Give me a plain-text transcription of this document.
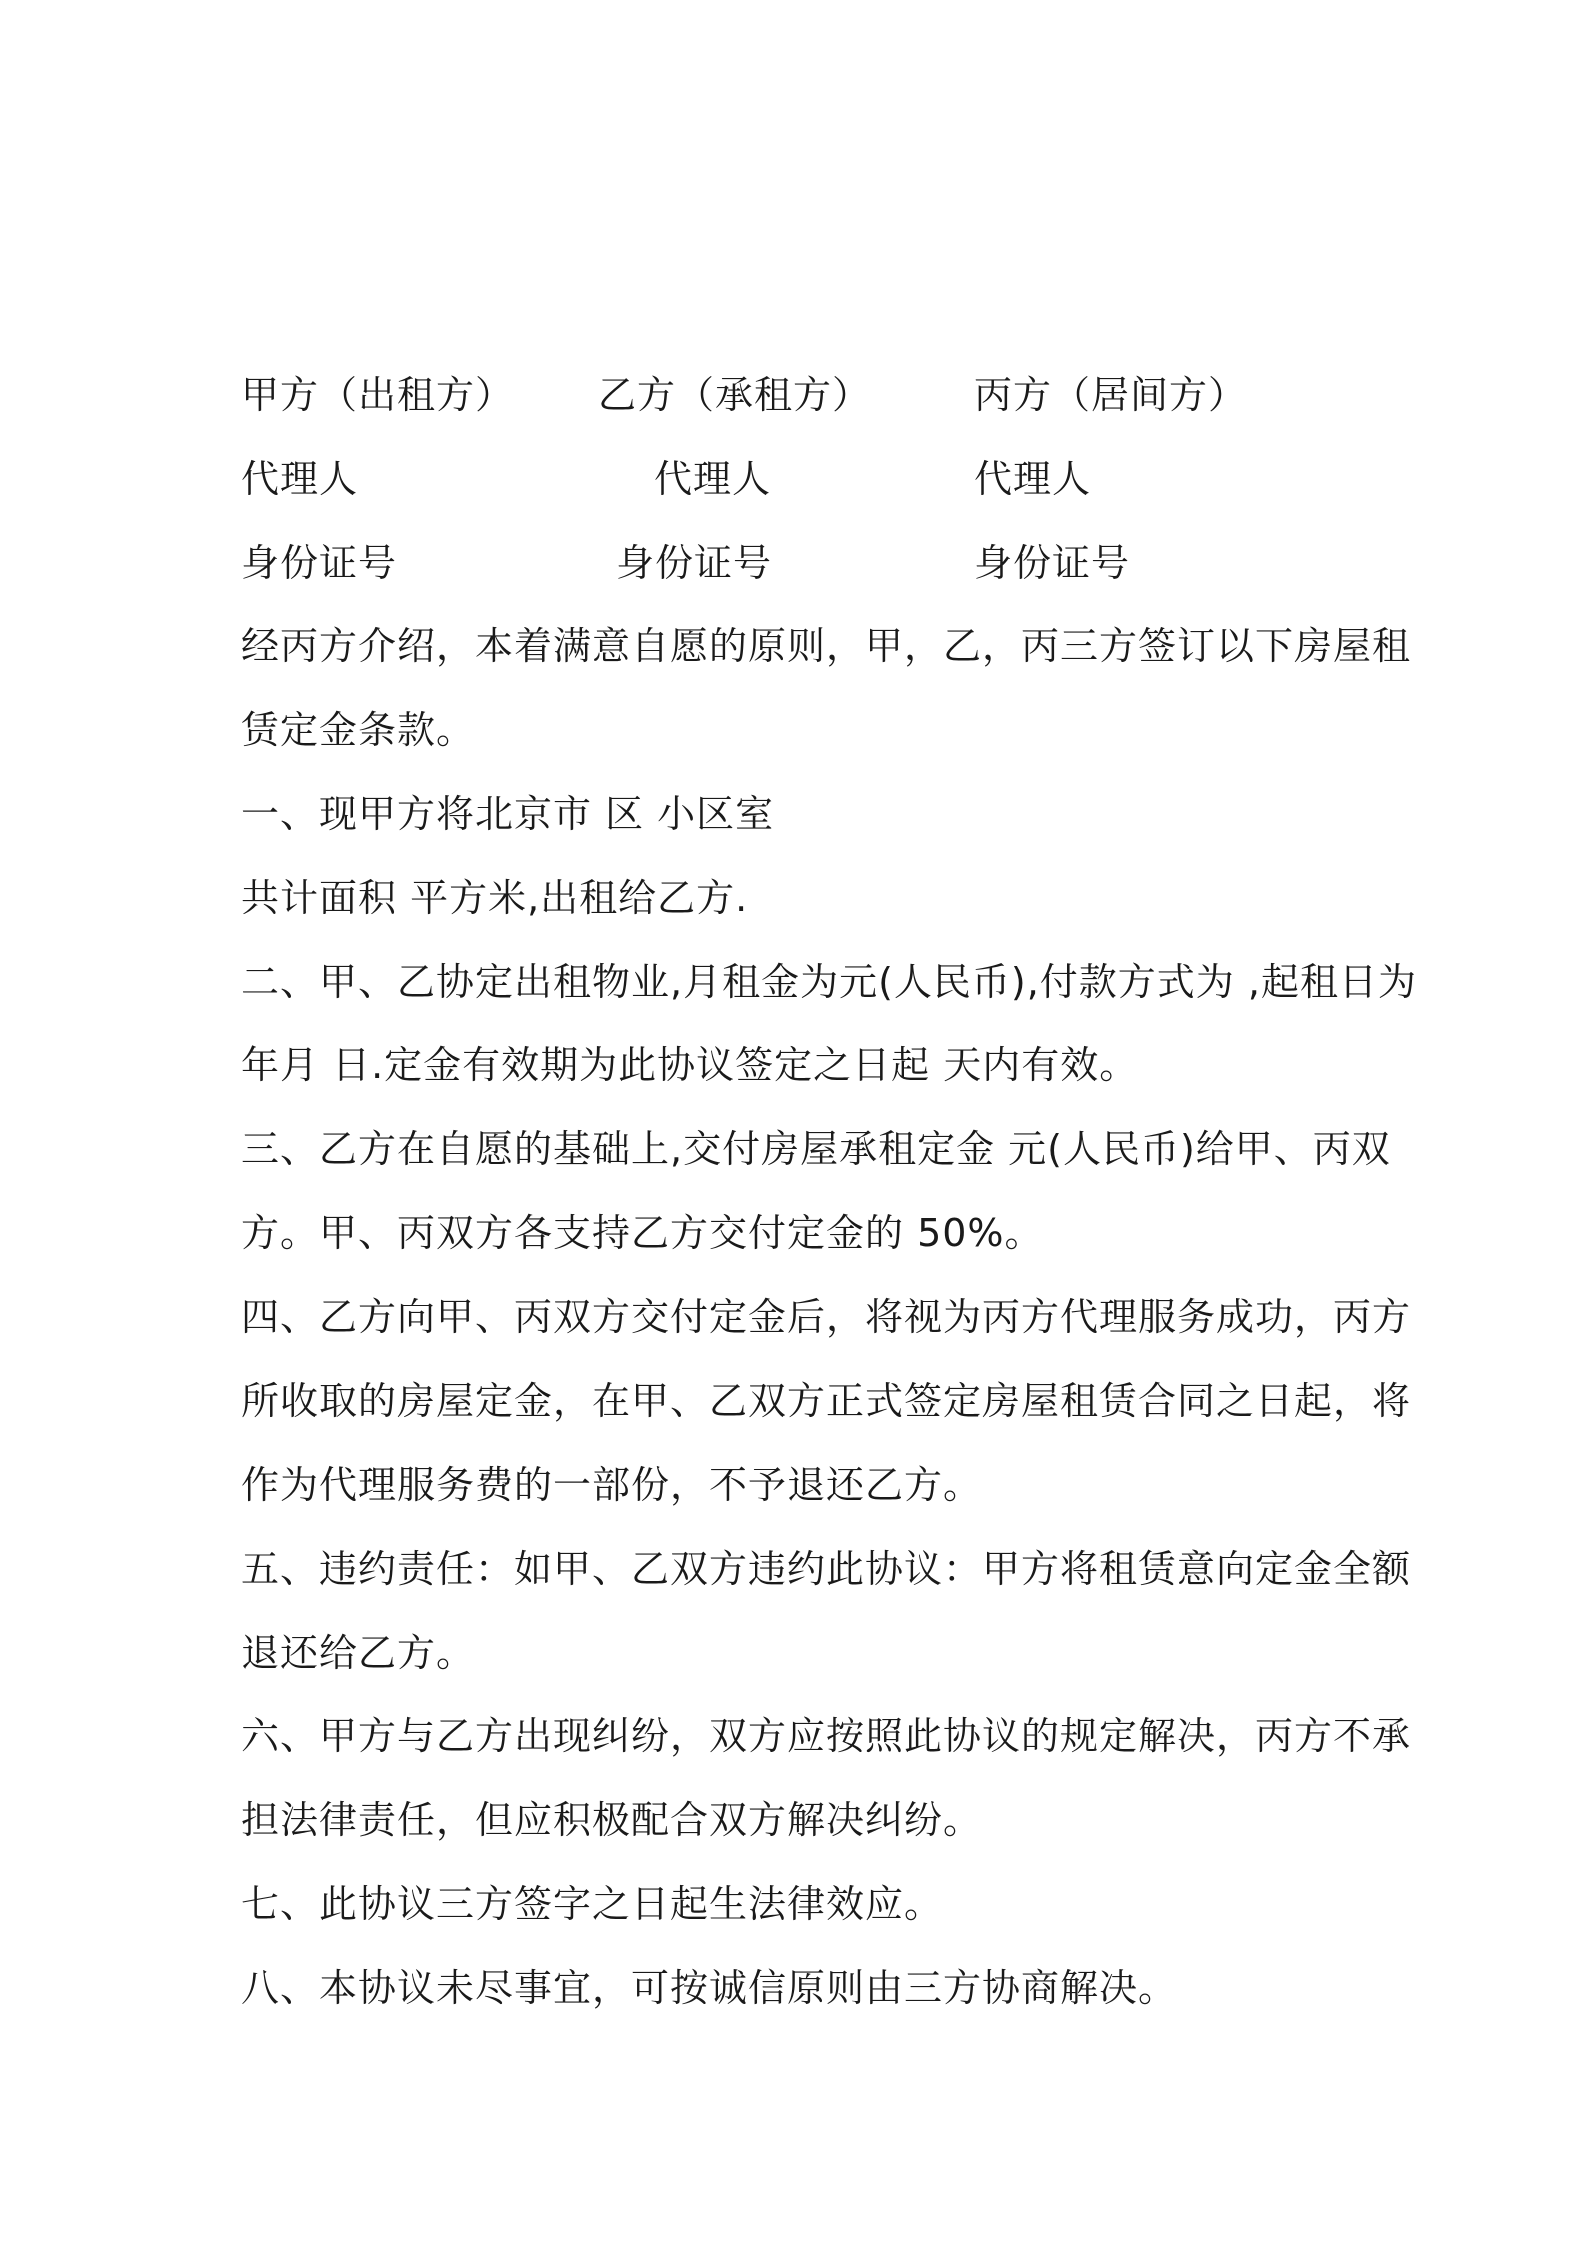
甲方（出租方） 乙方（承租方）	丙方（居间方）
代理人	代理人	代理人
身份证号	身份证号	身份证号
经丙方介绍，本着满意自愿的原则，甲，乙，丙三方签订以下房屋租
赁定金条款。
一、现甲方将北京市 区 小区室
共计面积 平方米,出租给乙方.
二、甲、乙协定出租物业,月租金为元(人民币),付款方式为 ,起租日为
年月 日.定金有效期为此协议签定之日起 天内有效。
三、乙方在自愿的基础上,交付房屋承租定金 元(人民币)给甲、丙双
方。甲、丙双方各支持乙方交付定金的 50%。
四、乙方向甲、丙双方交付定金后，将视为丙方代理服务成功，丙方
所收取的房屋定金，在甲、乙双方正式签定房屋租赁合同之日起，将
作为代理服务费的一部份，不予退还乙方。
五、违约责任：如甲、乙双方违约此协议：甲方将租赁意向定金全额
退还给乙方。
六、甲方与乙方出现纠纷，双方应按照此协议的规定解决，丙方不承
担法律责任，但应积极配合双方解决纠纷。
七、此协议三方签字之日起生法律效应。
八、本协议未尽事宜，可按诚信原则由三方协商解决。
